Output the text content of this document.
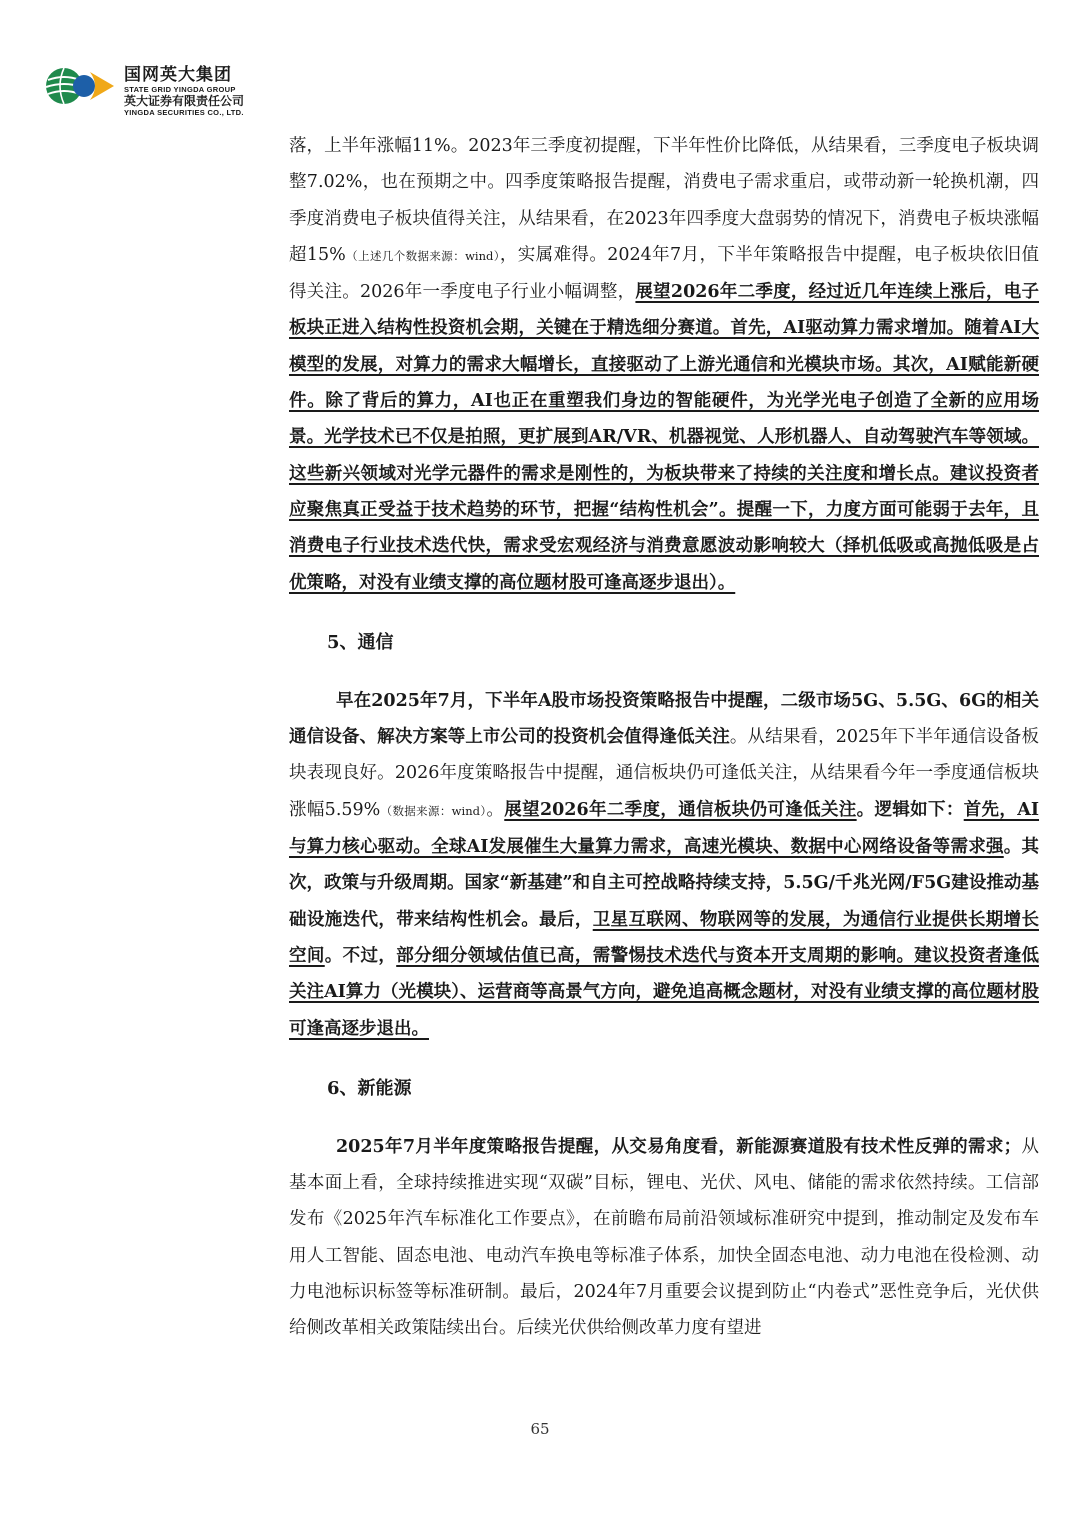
国网英大集团
STATE GRID YINGDA GROUP
英大证券有限责任公司
YINGDA SECURITIES CO., LTD.

落，上半年涨幅11%。2023年三季度初提醒，下半年性价比降低，从结果看，三季度电子板块调整7.02%，也在预期之中。四季度策略报告提醒，消费电子需求重启，或带动新一轮换机潮，四季度消费电子板块值得关注，从结果看，在2023年四季度大盘弱势的情况下，消费电子板块涨幅超15%（上述几个数据来源：wind），实属难得。2024年7月，下半年策略报告中提醒，电子板块依旧值得关注。2026年一季度电子行业小幅调整，展望2026年二季度，经过近几年连续上涨后，电子板块正进入结构性投资机会期，关键在于精选细分赛道。首先，AI驱动算力需求增加。随着AI大模型的发展，对算力的需求大幅增长，直接驱动了上游光通信和光模块市场。其次，AI赋能新硬件。除了背后的算力，AI也正在重塑我们身边的智能硬件，为光学光电子创造了全新的应用场景。光学技术已不仅是拍照，更扩展到AR/VR、机器视觉、人形机器人、自动驾驶汽车等领域。这些新兴领域对光学元器件的需求是刚性的，为板块带来了持续的关注度和增长点。建议投资者应聚焦真正受益于技术趋势的环节，把握“结构性机会”。提醒一下，力度方面可能弱于去年，且消费电子行业技术迭代快，需求受宏观经济与消费意愿波动影响较大（择机低吸或高抛低吸是占优策略，对没有业绩支撑的高位题材股可逢高逐步退出）。

5、通信

早在2025年7月，下半年A股市场投资策略报告中提醒，二级市场5G、5.5G、6G的相关通信设备、解决方案等上市公司的投资机会值得逢低关注。从结果看，2025年下半年通信设备板块表现良好。2026年度策略报告中提醒，通信板块仍可逢低关注，从结果看今年一季度通信板块涨幅5.59%（数据来源：wind）。展望2026年二季度，通信板块仍可逢低关注。逻辑如下：首先，AI与算力核心驱动。全球AI发展催生大量算力需求，高速光模块、数据中心网络设备等需求强。其次，政策与升级周期。国家“新基建”和自主可控战略持续支持，5.5G/千兆光网/F5G建设推动基础设施迭代，带来结构性机会。最后，卫星互联网、物联网等的发展，为通信行业提供长期增长空间。不过，部分细分领域估值已高，需警惕技术迭代与资本开支周期的影响。建议投资者逢低关注AI算力（光模块）、运营商等高景气方向，避免追高概念题材，对没有业绩支撑的高位题材股可逢高逐步退出。

6、新能源

2025年7月半年度策略报告提醒，从交易角度看，新能源赛道股有技术性反弹的需求；从基本面上看，全球持续推进实现“双碳”目标，锂电、光伏、风电、储能的需求依然持续。工信部发布《2025年汽车标准化工作要点》，在前瞻布局前沿领域标准研究中提到，推动制定及发布车用人工智能、固态电池、电动汽车换电等标准子体系，加快全固态电池、动力电池在役检测、动力电池标识标签等标准研制。最后，2024年7月重要会议提到防止“内卷式”恶性竞争后，光伏供给侧改革相关政策陆续出台。后续光伏供给侧改革力度有望进

65
